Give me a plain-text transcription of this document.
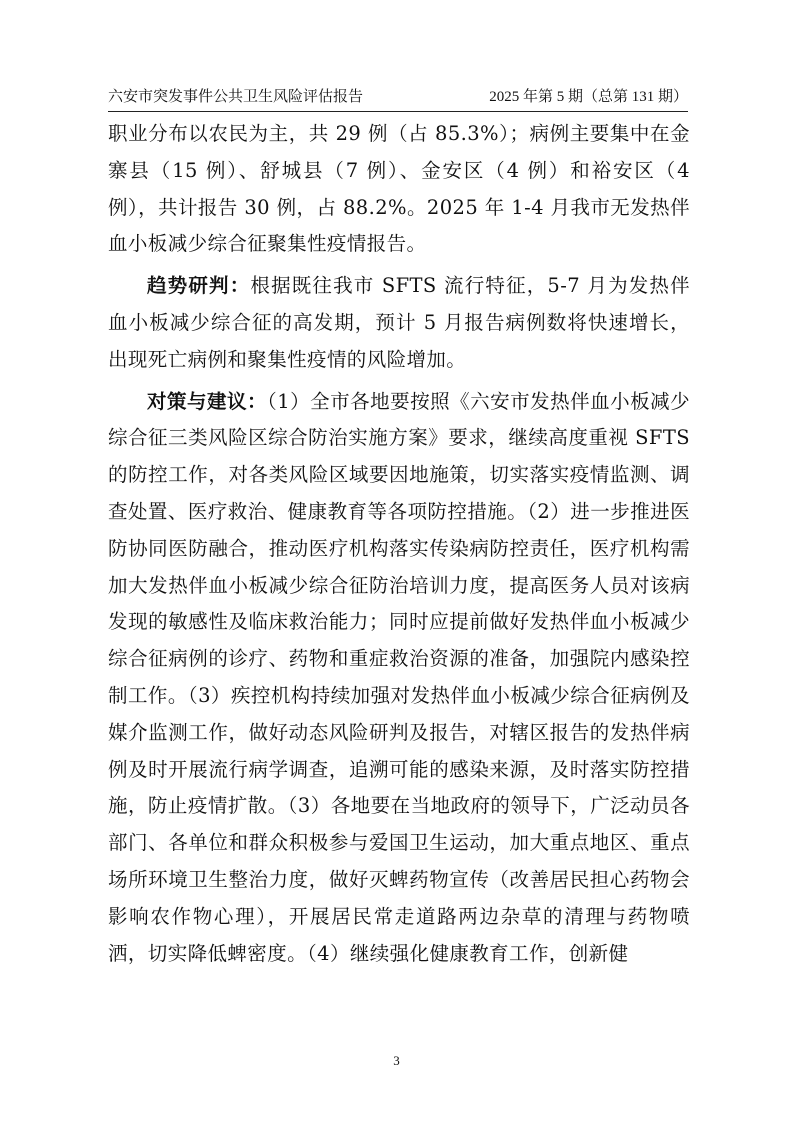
六安市突发事件公共卫生风险评估报告	2025 年第 5 期（总第 131 期）

职业分布以农民为主，共 29 例（占 85.3%）；病例主要集中在金寨县（15 例）、舒城县（7 例）、金安区（4 例）和裕安区（4 例），共计报告 30 例，占 88.2%。2025 年 1-4 月我市无发热伴血小板减少综合征聚集性疫情报告。

趋势研判：根据既往我市 SFTS 流行特征，5-7 月为发热伴血小板减少综合征的高发期，预计 5 月报告病例数将快速增长，出现死亡病例和聚集性疫情的风险增加。

对策与建议：（1）全市各地要按照《六安市发热伴血小板减少综合征三类风险区综合防治实施方案》要求，继续高度重视 SFTS 的防控工作，对各类风险区域要因地施策，切实落实疫情监测、调查处置、医疗救治、健康教育等各项防控措施。（2）进一步推进医防协同医防融合，推动医疗机构落实传染病防控责任，医疗机构需加大发热伴血小板减少综合征防治培训力度，提高医务人员对该病发现的敏感性及临床救治能力；同时应提前做好发热伴血小板减少综合征病例的诊疗、药物和重症救治资源的准备，加强院内感染控制工作。（3）疾控机构持续加强对发热伴血小板减少综合征病例及媒介监测工作，做好动态风险研判及报告，对辖区报告的发热伴病例及时开展流行病学调查，追溯可能的感染来源，及时落实防控措施，防止疫情扩散。（3）各地要在当地政府的领导下，广泛动员各部门、各单位和群众积极参与爱国卫生运动，加大重点地区、重点场所环境卫生整治力度，做好灭蜱药物宣传（改善居民担心药物会影响农作物心理），开展居民常走道路两边杂草的清理与药物喷洒，切实降低蜱密度。（4）继续强化健康教育工作，创新健

3
